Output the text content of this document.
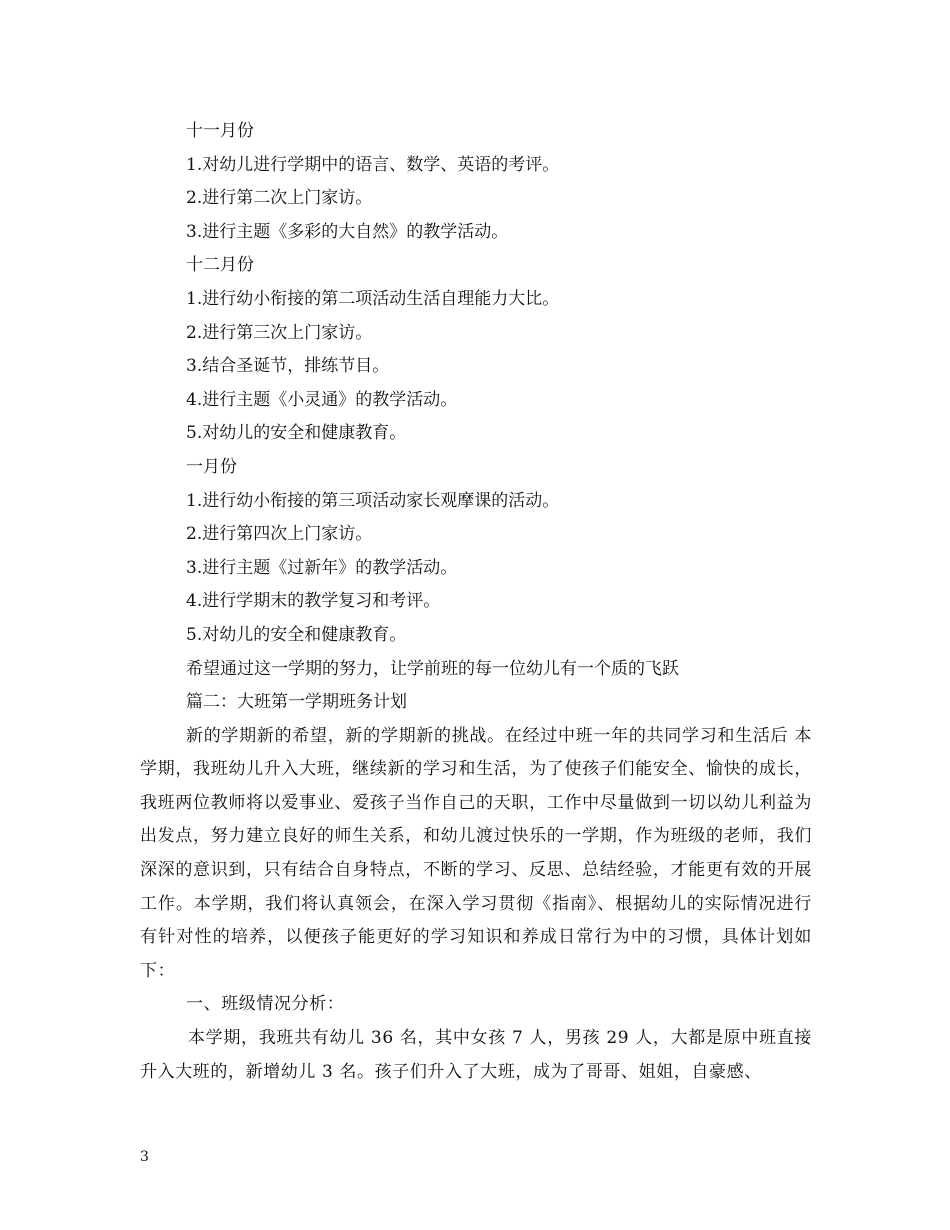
十一月份
1.对幼儿进行学期中的语言、数学、英语的考评。
2.进行第二次上门家访。
3.进行主题《多彩的大自然》的教学活动。
十二月份
1.进行幼小衔接的第二项活动生活自理能力大比。
2.进行第三次上门家访。
3.结合圣诞节，排练节目。
4.进行主题《小灵通》的教学活动。
5.对幼儿的安全和健康教育。
一月份
1.进行幼小衔接的第三项活动家长观摩课的活动。
2.进行第四次上门家访。
3.进行主题《过新年》的教学活动。
4.进行学期末的教学复习和考评。
5.对幼儿的安全和健康教育。
希望通过这一学期的努力，让学前班的每一位幼儿有一个质的飞跃
篇二：大班第一学期班务计划

新的学期新的希望，新的学期新的挑战。在经过中班一年的共同学习和生活后 本学期，我班幼儿升入大班，继续新的学习和生活，为了使孩子们能安全、愉快的成长，我班两位教师将以爱事业、爱孩子当作自己的天职，工作中尽量做到一切以幼儿利益为出发点，努力建立良好的师生关系，和幼儿渡过快乐的一学期，作为班级的老师，我们深深的意识到，只有结合自身特点，不断的学习、反思、总结经验，才能更有效的开展工作。本学期，我们将认真领会，在深入学习贯彻《指南》、根据幼儿的实际情况进行有针对性的培养，以便孩子能更好的学习知识和养成日常行为中的习惯，具体计划如下：

一、班级情况分析：

本学期，我班共有幼儿 36 名，其中女孩 7 人，男孩 29 人，大都是原中班直接升入大班的，新增幼儿 3 名。孩子们升入了大班，成为了哥哥、姐姐，自豪感、

3
